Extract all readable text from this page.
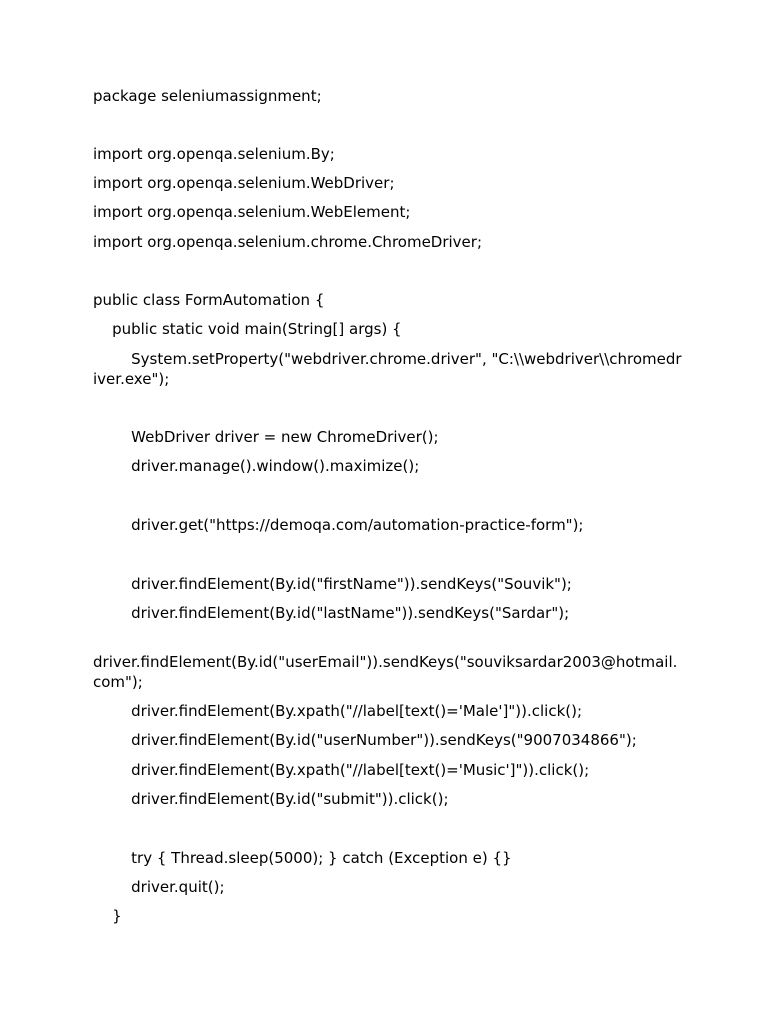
package seleniumassignment;
import org.openqa.selenium.By;
import org.openqa.selenium.WebDriver;
import org.openqa.selenium.WebElement;
import org.openqa.selenium.chrome.ChromeDriver;
public class FormAutomation {
public static void main(String[] args) {
System.setProperty("webdriver.chrome.driver", "C:\\webdriver\\chromedriver.exe");
WebDriver driver = new ChromeDriver();
driver.manage().window().maximize();
driver.get("https://demoqa.com/automation-practice-form");
driver.findElement(By.id("firstName")).sendKeys("Souvik");
driver.findElement(By.id("lastName")).sendKeys("Sardar");
driver.findElement(By.id("userEmail")).sendKeys("souviksardar2003@hotmail.com");
driver.findElement(By.xpath("//label[text()='Male']")).click();
driver.findElement(By.id("userNumber")).sendKeys("9007034866");
driver.findElement(By.xpath("//label[text()='Music']")).click();
driver.findElement(By.id("submit")).click();
try { Thread.sleep(5000); } catch (Exception e) {}
driver.quit();
}
